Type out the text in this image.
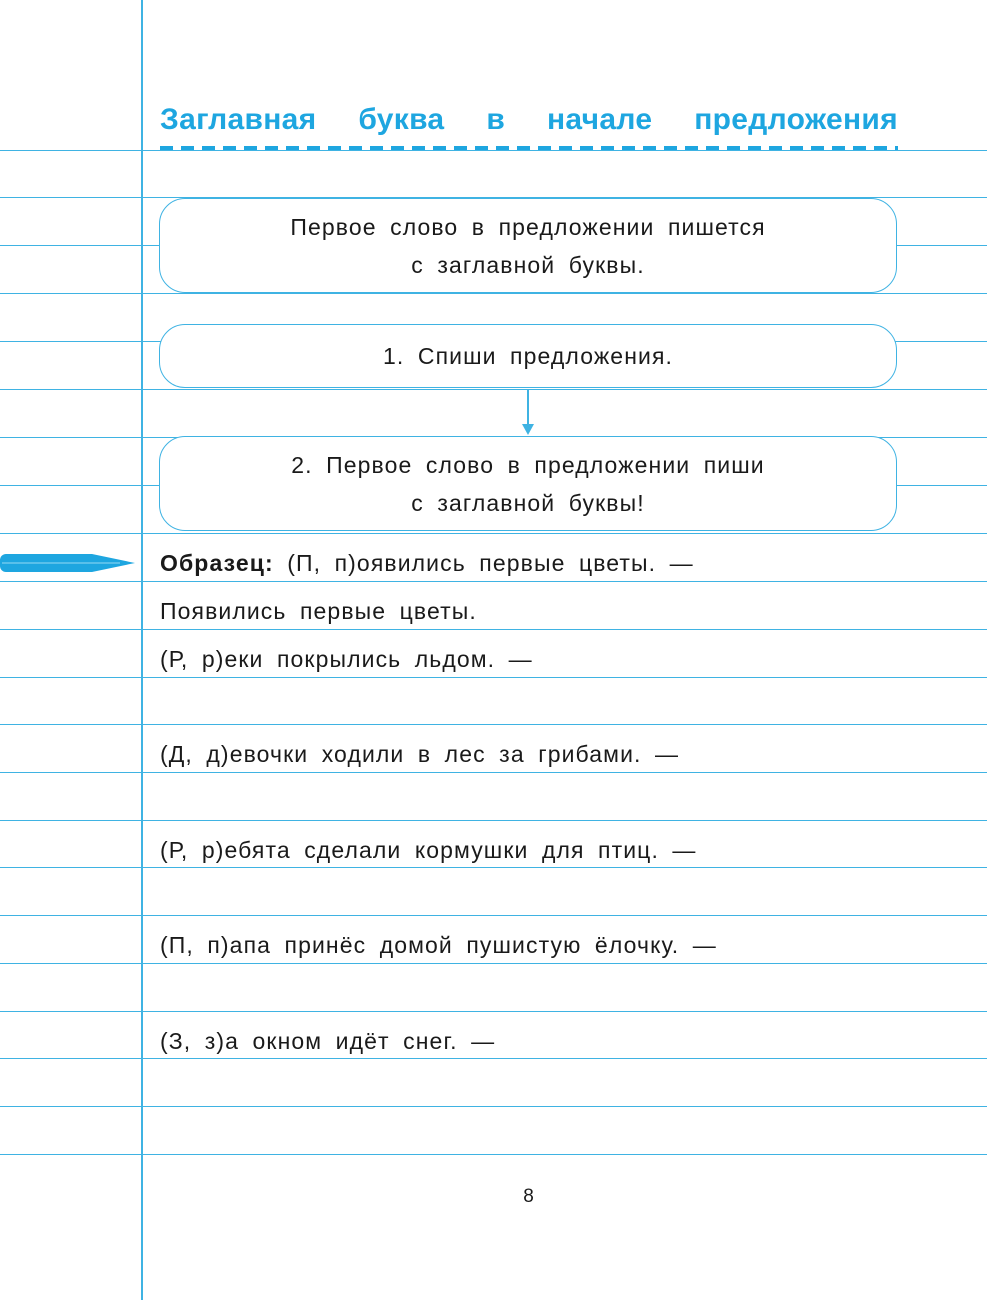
Заглавная буква в начале предложения
Первое слово в предложении пишется
с заглавной буквы.
1. Спиши предложения.
2. Первое слово в предложении пиши
с заглавной буквы!
Образец: (П, п)оявились первые цветы. —
Появились первые цветы.
(Р, р)еки покрылись льдом. —
(Д, д)евочки ходили в лес за грибами. —
(Р, р)ебята сделали кормушки для птиц. —
(П, п)апа принёс домой пушистую ёлочку. —
(З, з)а окном идёт снег. —
8
